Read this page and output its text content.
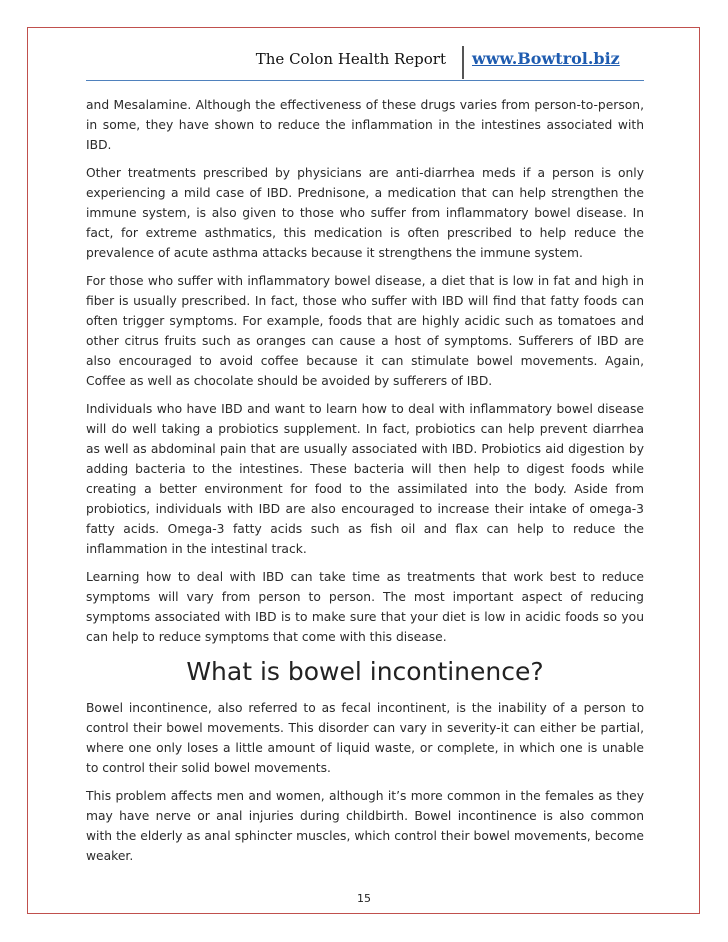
The Colon Health Report	www.Bowtrol.biz

and Mesalamine. Although the effectiveness of these drugs varies from person-to-person, in some, they have shown to reduce the inflammation in the intestines associated with IBD.

Other treatments prescribed by physicians are anti-diarrhea meds if a person is only experiencing a mild case of IBD. Prednisone, a medication that can help strengthen the immune system, is also given to those who suffer from inflammatory bowel disease. In fact, for extreme asthmatics, this medication is often prescribed to help reduce the prevalence of acute asthma attacks because it strengthens the immune system.

For those who suffer with inflammatory bowel disease, a diet that is low in fat and high in fiber is usually prescribed. In fact, those who suffer with IBD will find that fatty foods can often trigger symptoms. For example, foods that are highly acidic such as tomatoes and other citrus fruits such as oranges can cause a host of symptoms. Sufferers of IBD are also encouraged to avoid coffee because it can stimulate bowel movements. Again, Coffee as well as chocolate should be avoided by sufferers of IBD.

Individuals who have IBD and want to learn how to deal with inflammatory bowel disease will do well taking a probiotics supplement. In fact, probiotics can help prevent diarrhea as well as abdominal pain that are usually associated with IBD. Probiotics aid digestion by adding bacteria to the intestines. These bacteria will then help to digest foods while creating a better environment for food to the assimilated into the body. Aside from probiotics, individuals with IBD are also encouraged to increase their intake of omega-3 fatty acids. Omega-3 fatty acids such as fish oil and flax can help to reduce the inflammation in the intestinal track.

Learning how to deal with IBD can take time as treatments that work best to reduce symptoms will vary from person to person. The most important aspect of reducing symptoms associated with IBD is to make sure that your diet is low in acidic foods so you can help to reduce symptoms that come with this disease.

What is bowel incontinence?

Bowel incontinence, also referred to as fecal incontinent, is the inability of a person to control their bowel movements. This disorder can vary in severity-it can either be partial, where one only loses a little amount of liquid waste, or complete, in which one is unable to control their solid bowel movements.

This problem affects men and women, although it’s more common in the females as they may have nerve or anal injuries during childbirth. Bowel incontinence is also common with the elderly as anal sphincter muscles, which control their bowel movements, become weaker.

15
